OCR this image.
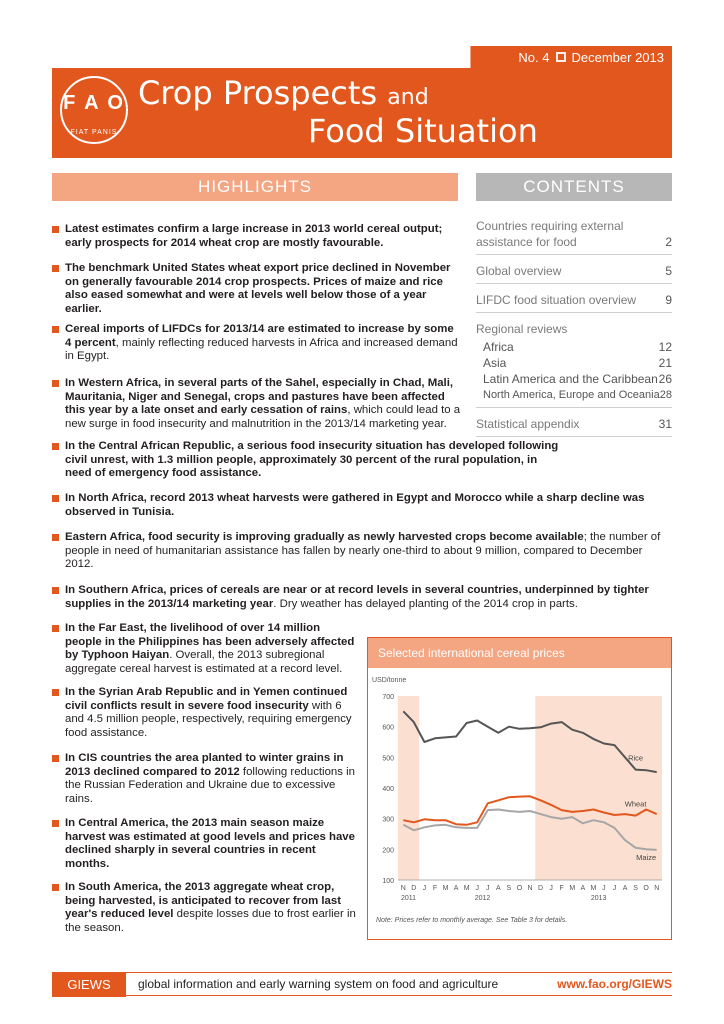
No. 4 December 2013
F A O
FIAT PANIS
Crop Prospects and
Food Situation
HIGHLIGHTS	CONTENTS
Countries requiring external assistance for food	2
Global overview	5
LIFDC food situation overview 9
Regional reviews
Africa	12
Asia	21
Latin America and the Caribbean 26
North America, Europe and Oceania 28
Statistical appendix	31
Latest estimates confirm a large increase in 2013 world cereal output; early prospects for 2014 wheat crop are mostly favourable.
The benchmark United States wheat export price declined in November on generally favourable 2014 crop prospects. Prices of maize and rice also eased somewhat and were at levels well below those of a year earlier.
Cereal imports of LIFDCs for 2013/14 are estimated to increase by some 4 percent, mainly reflecting reduced harvests in Africa and increased demand in Egypt.
In Western Africa, in several parts of the Sahel, especially in Chad, Mali, Mauritania, Niger and Senegal, crops and pastures have been affected this year by a late onset and early cessation of rains, which could lead to a new surge in food insecurity and malnutrition in the 2013/14 marketing year.
In the Central African Republic, a serious food insecurity situation has developed following civil unrest, with 1.3 million people, approximately 30 percent of the rural population, in need of emergency food assistance.
In North Africa, record 2013 wheat harvests were gathered in Egypt and Morocco while a sharp decline was observed in Tunisia.
Eastern Africa, food security is improving gradually as newly harvested crops become available; the number of people in need of humanitarian assistance has fallen by nearly one-third to about 9 million, compared to December 2012.
In Southern Africa, prices of cereals are near or at record levels in several countries, underpinned by tighter supplies in the 2013/14 marketing year. Dry weather has delayed planting of the 2014 crop in parts.
In the Far East, the livelihood of over 14 million people in the Philippines has been adversely affected by Typhoon Haiyan. Overall, the 2013 subregional aggregate cereal harvest is estimated at a record level.
In the Syrian Arab Republic and in Yemen continued civil conflicts result in severe food insecurity with 6 and 4.5 million people, respectively, requiring emergency food assistance.
In CIS countries the area planted to winter grains in 2013 declined compared to 2012 following reductions in the Russian Federation and Ukraine due to excessive rains.
In Central America, the 2013 main season maize harvest was estimated at good levels and prices have declined sharply in several countries in recent months.
In South America, the 2013 aggregate wheat crop, being harvested, is anticipated to recover from last year's reduced level despite losses due to frost earlier in the season.
Selected international cereal prices
100
200
300
400
500
600
700
USD/tonne
N D J F M A M J J A S O N D J F M A M J J A S O N
2011	2012	2013
Rice
Wheat
Maize
Note: Prices refer to monthly average. See Table 3 for details.
GIEWS	global information and early warning system on food and agriculture	www.fao.org/GIEWS
